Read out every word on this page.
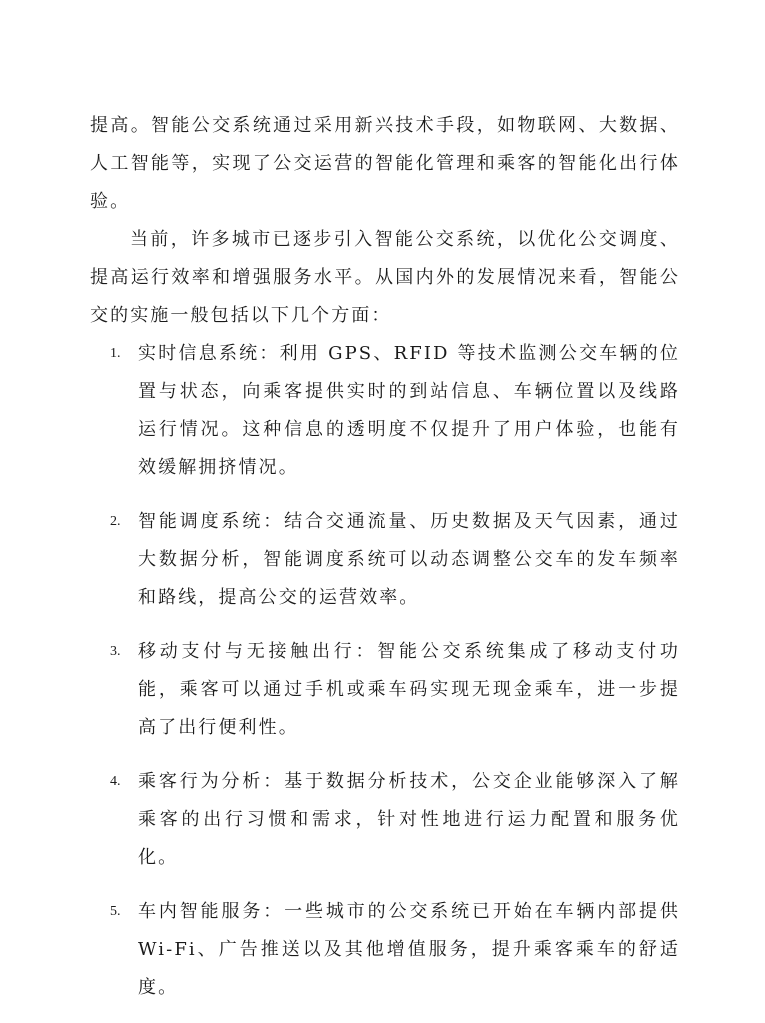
提高。智能公交系统通过采用新兴技术手段，如物联网、大数据、人工智能等，实现了公交运营的智能化管理和乘客的智能化出行体验。

当前，许多城市已逐步引入智能公交系统，以优化公交调度、提高运行效率和增强服务水平。从国内外的发展情况来看，智能公交的实施一般包括以下几个方面：

1. 实时信息系统：利用 GPS、RFID 等技术监测公交车辆的位置与状态，向乘客提供实时的到站信息、车辆位置以及线路运行情况。这种信息的透明度不仅提升了用户体验，也能有效缓解拥挤情况。
2. 智能调度系统：结合交通流量、历史数据及天气因素，通过大数据分析，智能调度系统可以动态调整公交车的发车频率和路线，提高公交的运营效率。
3. 移动支付与无接触出行：智能公交系统集成了移动支付功能，乘客可以通过手机或乘车码实现无现金乘车，进一步提高了出行便利性。
4. 乘客行为分析：基于数据分析技术，公交企业能够深入了解乘客的出行习惯和需求，针对性地进行运力配置和服务优化。
5. 车内智能服务：一些城市的公交系统已开始在车辆内部提供Wi-Fi、广告推送以及其他增值服务，提升乘客乘车的舒适度。
